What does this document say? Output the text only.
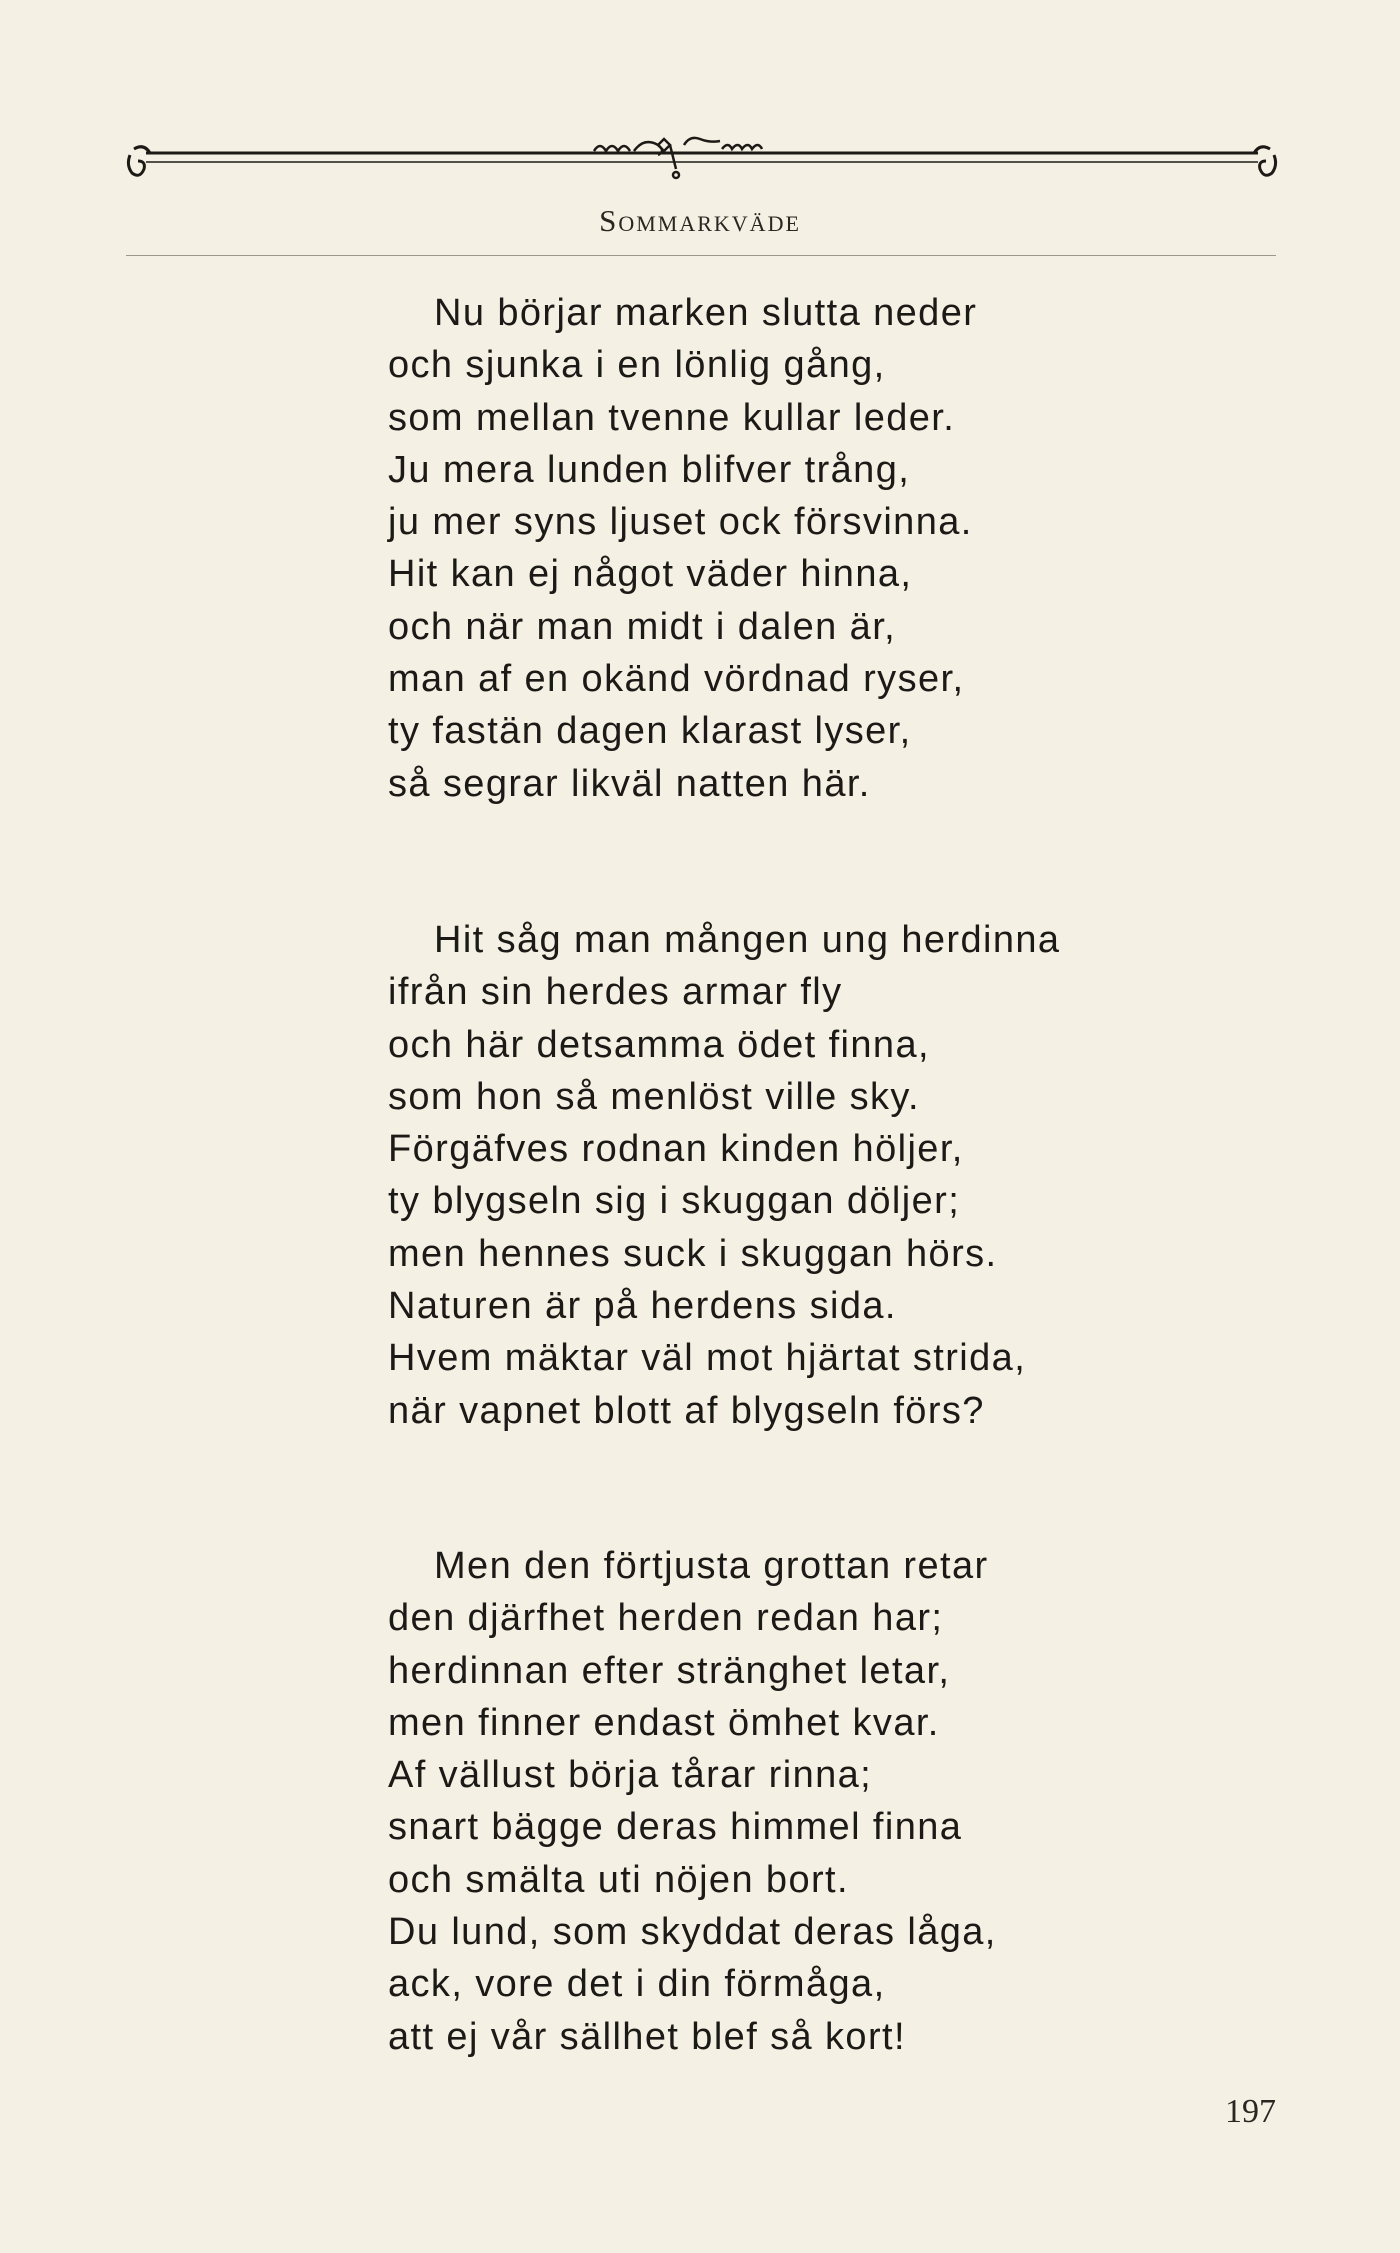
Sommarkväde
Nu börjar marken slutta neder
och sjunka i en lönlig gång,
som mellan tvenne kullar leder.
Ju mera lunden blifver trång,
ju mer syns ljuset ock försvinna.
Hit kan ej något väder hinna,
och när man midt i dalen är,
man af en okänd vördnad ryser,
ty fastän dagen klarast lyser,
så segrar likväl natten här.
Hit såg man mången ung herdinna
ifrån sin herdes armar fly
och här detsamma ödet finna,
som hon så menlöst ville sky.
Förgäfves rodnan kinden höljer,
ty blygseln sig i skuggan döljer;
men hennes suck i skuggan hörs.
Naturen är på herdens sida.
Hvem mäktar väl mot hjärtat strida,
när vapnet blott af blygseln förs?
Men den förtjusta grottan retar
den djärfhet herden redan har;
herdinnan efter stränghet letar,
men finner endast ömhet kvar.
Af vällust börja tårar rinna;
snart bägge deras himmel finna
och smälta uti nöjen bort.
Du lund, som skyddat deras låga,
ack, vore det i din förmåga,
att ej vår sällhet blef så kort!
197
